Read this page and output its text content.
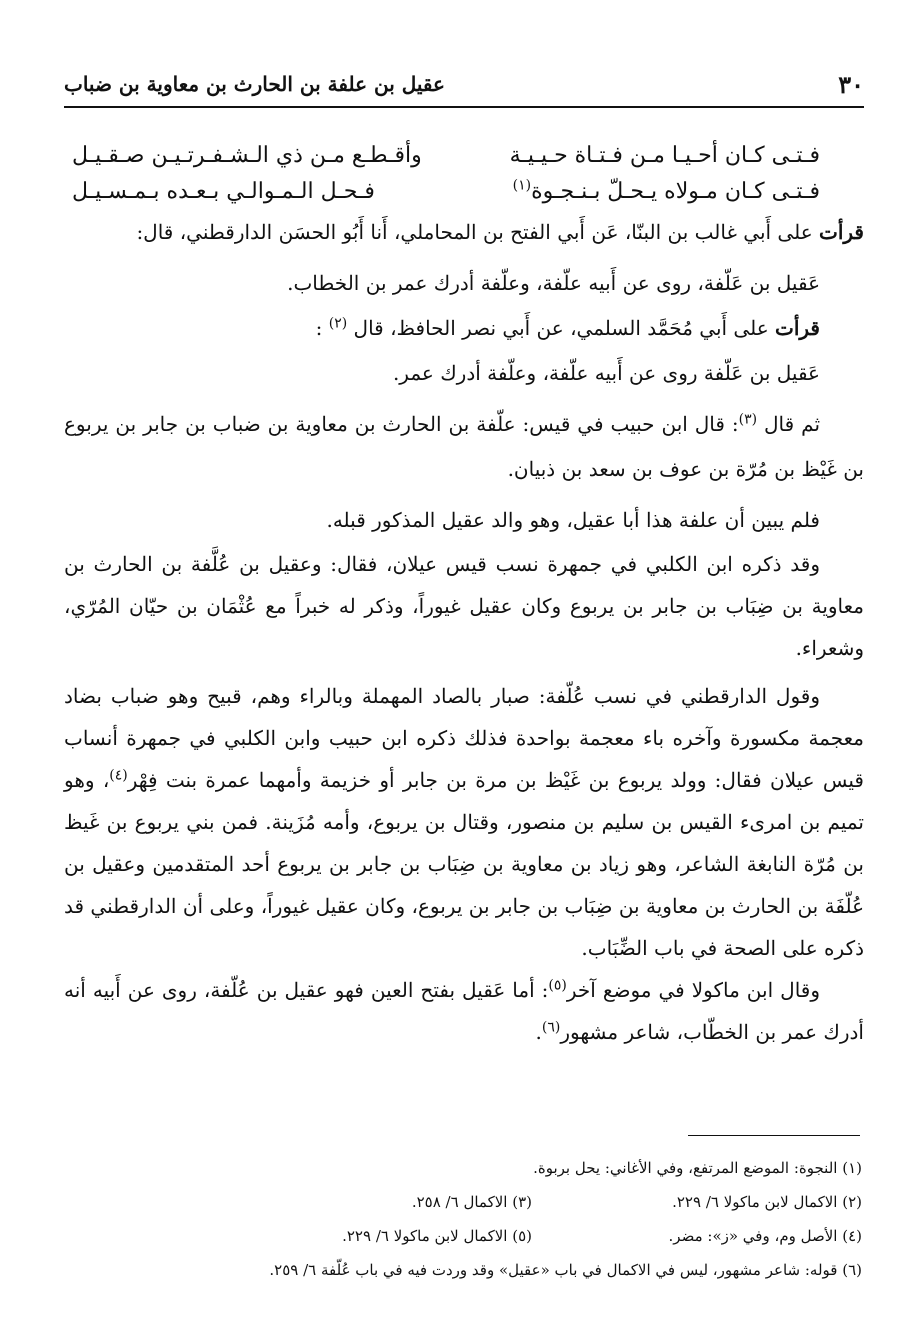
٣٠
عقيل بن علفة بن الحارث بن معاوية بن ضباب
فـتـى كـان أحـيـا مـن فـتـاة حـيـيـة
وأقـطـع مـن ذي الـشـفـرتـيـن صـقـيـل
فـتـى كـان مـولاه يـحـلّ بـنـجـوة$^{(١)}$
فـحـل الـمـوالـي بـعـده بـمـسـيـل

قرأت على أَبي غالب بن البنّا، عَن أَبي الفتح بن المحاملي، أَنا أَبُو الحسَن الدارقطني، قال:

عَقيل بن عَلّفة، روى عن أَبيه علّفة، وعلّفة أدرك عمر بن الخطاب.

قرأت على أَبي مُحَمَّد السلمي، عن أَبي نصر الحافظ، قال $^{(٢)}$ :

عَقيل بن عَلّفة روى عن أَبيه علّفة، وعلّفة أدرك عمر.

ثم قال $^{(٣)}$: قال ابن حبيب في قيس: علّفة بن الحارث بن معاوية بن ضباب بن جابر بن يربوع بن غَيْظ بن مُرّة بن عوف بن سعد بن ذبيان.

فلم يبين أن علفة هذا أبا عقيل، وهو والد عقيل المذكور قبله.

وقد ذكره ابن الكلبي في جمهرة نسب قيس عيلان، فقال: وعقيل بن عُلَّفة بن الحارث بن معاوية بن ضِبَاب بن جابر بن يربوع وكان عقيل غيوراً، وذكر له خبراً مع عُثْمَان بن حيّان المُرّي، وشعراء.

وقول الدارقطني في نسب عُلّفة: صبار بالصاد المهملة وبالراء وهم، قبيح وهو ضباب بضاد معجمة مكسورة وآخره باء معجمة بواحدة فذلك ذكره ابن حبيب وابن الكلبي في جمهرة أنساب قيس عيلان فقال: وولد يربوع بن غَيْظ بن مرة بن جابر أو خزيمة وأمهما عمرة بنت فِهْر$^{(٤)}$، وهو تميم بن امرىء القيس بن سليم بن منصور، وقتال بن يربوع، وأمه مُزَينة. فمن بني يربوع بن غَيظ بن مُرّة النابغة الشاعر، وهو زياد بن معاوية بن ضِبَاب بن جابر بن يربوع أحد المتقدمين وعقيل بن عُلّفَة بن الحارث بن معاوية بن ضِبَاب بن جابر بن يربوع، وكان عقيل غيوراً، وعلى أن الدارقطني قد ذكره على الصحة في باب الضِّبَاب.

وقال ابن ماكولا في موضع آخر$^{(٥)}$: أما عَقيل بفتح العين فهو عقيل بن عُلّفة، روى عن أَبيه أنه أدرك عمر بن الخطّاب، شاعر مشهور$^{(٦)}$.

(١) النجوة: الموضع المرتفع، وفي الأغاني: يحل بربوة.
(٢) الاكمال لابن ماكولا ٦/ ٢٢٩.
(٣) الاكمال ٦/ ٢٥٨.
(٤) الأصل وم، وفي «ز»: مضر.
(٥) الاكمال لابن ماكولا ٦/ ٢٢٩.
(٦) قوله: شاعر مشهور، ليس في الاكمال في باب «عقيل» وقد وردت فيه في باب عُلّفة ٦/ ٢٥٩.
